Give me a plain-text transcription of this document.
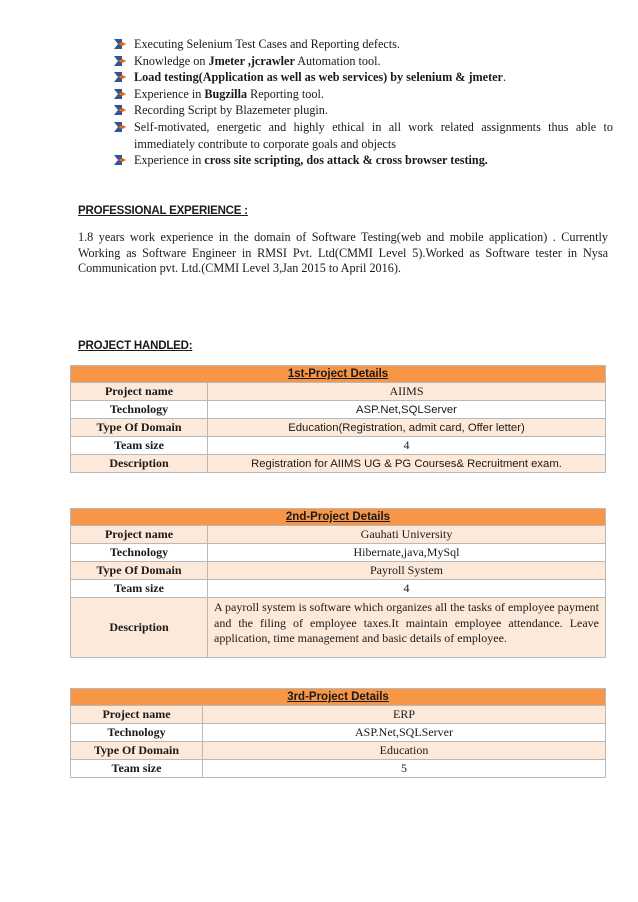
Executing Selenium Test Cases and Reporting defects.
Knowledge on Jmeter ,jcrawler Automation tool.
Load testing(Application as well as web services) by selenium & jmeter.
Experience in Bugzilla Reporting tool.
Recording Script by Blazemeter plugin.
Self-motivated, energetic and highly ethical in all work related assignments thus able to immediately contribute to corporate goals and objects
Experience in cross site scripting, dos attack & cross browser testing.
PROFESSIONAL EXPERIENCE :

1.8 years work experience in the domain of Software Testing(web and mobile application) . Currently Working as Software Engineer in RMSI Pvt. Ltd(CMMI Level 5).Worked as Software tester in Nysa Communication pvt. Ltd.(CMMI Level 3,Jan 2015 to April 2016).

PROJECT HANDLED:
1st-Project Details	
Project name	AIIMS
Technology	ASP.Net,SQLServer
Type Of Domain	Education(Registration, admit card, Offer letter)
Team size	4
Description	Registration for AIIMS UG & PG Courses& Recruitment exam.
2nd-Project Details	
Project name	Gauhati University
Technology	Hibernate,java,MySql
Type Of Domain	Payroll System
Team size	4
Description	A payroll system is software which organizes all the tasks of employee payment and the filing of employee taxes.It maintain employee attendance. Leave application, time management and basic details of employee.
3rd-Project Details	
Project name	ERP
Technology	ASP.Net,SQLServer
Type Of Domain	Education
Team size	5
